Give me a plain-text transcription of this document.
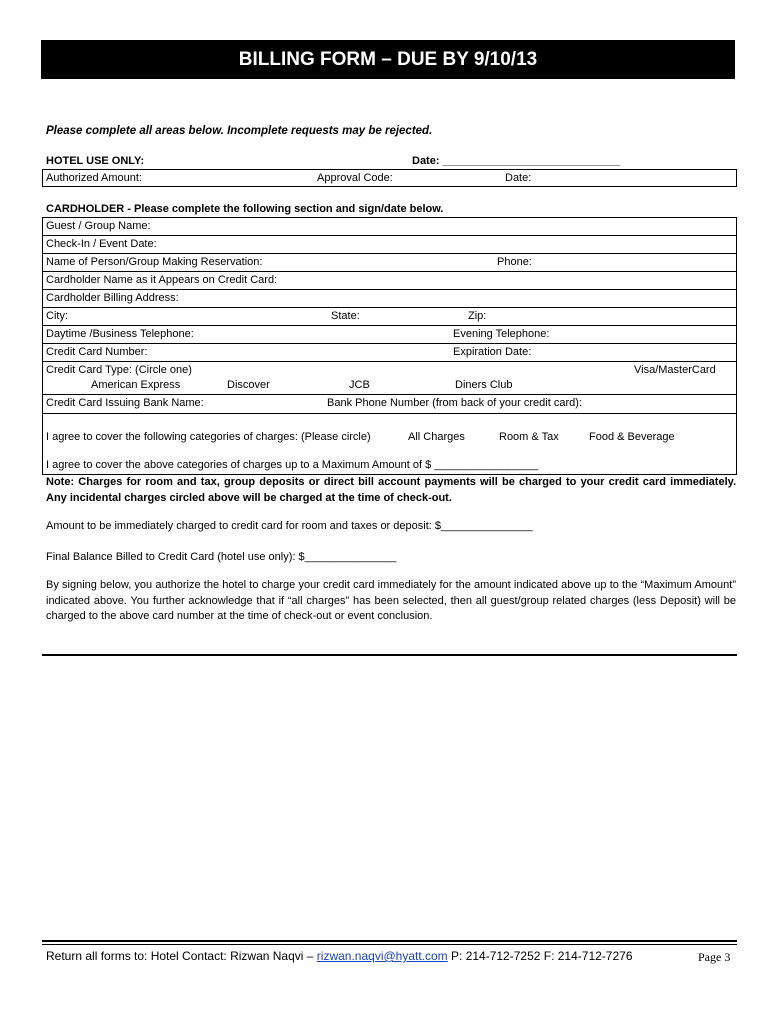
BILLING FORM – DUE BY 9/10/13
Please complete all areas below. Incomplete requests may be rejected.
HOTEL USE ONLY:	Date: _____________________________
Authorized Amount:	Approval Code:	Date:
CARDHOLDER - Please complete the following section and sign/date below.
Guest / Group Name:
Check-In / Event Date:
Name of Person/Group Making Reservation:	Phone:
Cardholder Name as it Appears on Credit Card:
Cardholder Billing Address:
City:	State:	Zip:
Daytime /Business Telephone:	Evening Telephone:
Credit Card Number:	Expiration Date:
Credit Card Type: (Circle one)	Visa/MasterCard
American Express	Discover	JCB	Diners Club
Credit Card Issuing Bank Name:	Bank Phone Number (from back of your credit card):
I agree to cover the following categories of charges: (Please circle)	All Charges	Room & Tax	Food & Beverage
I agree to cover the above categories of charges up to a Maximum Amount of $ _________________
Note: Charges for room and tax, group deposits or direct bill account payments will be charged to your credit card immediately. Any incidental charges circled above will be charged at the time of check-out.
Amount to be immediately charged to credit card for room and taxes or deposit: $_______________
Final Balance Billed to Credit Card (hotel use only): $_______________
By signing below, you authorize the hotel to charge your credit card immediately for the amount indicated above up to the “Maximum Amount” indicated above. You further acknowledge that if “all charges” has been selected, then all guest/group related charges (less Deposit) will be charged to the above card number at the time of check-out or event conclusion.
Return all forms to: Hotel Contact: Rizwan Naqvi – rizwan.naqvi@hyatt.com P: 214-712-7252 F: 214-712-7276	Page 3
